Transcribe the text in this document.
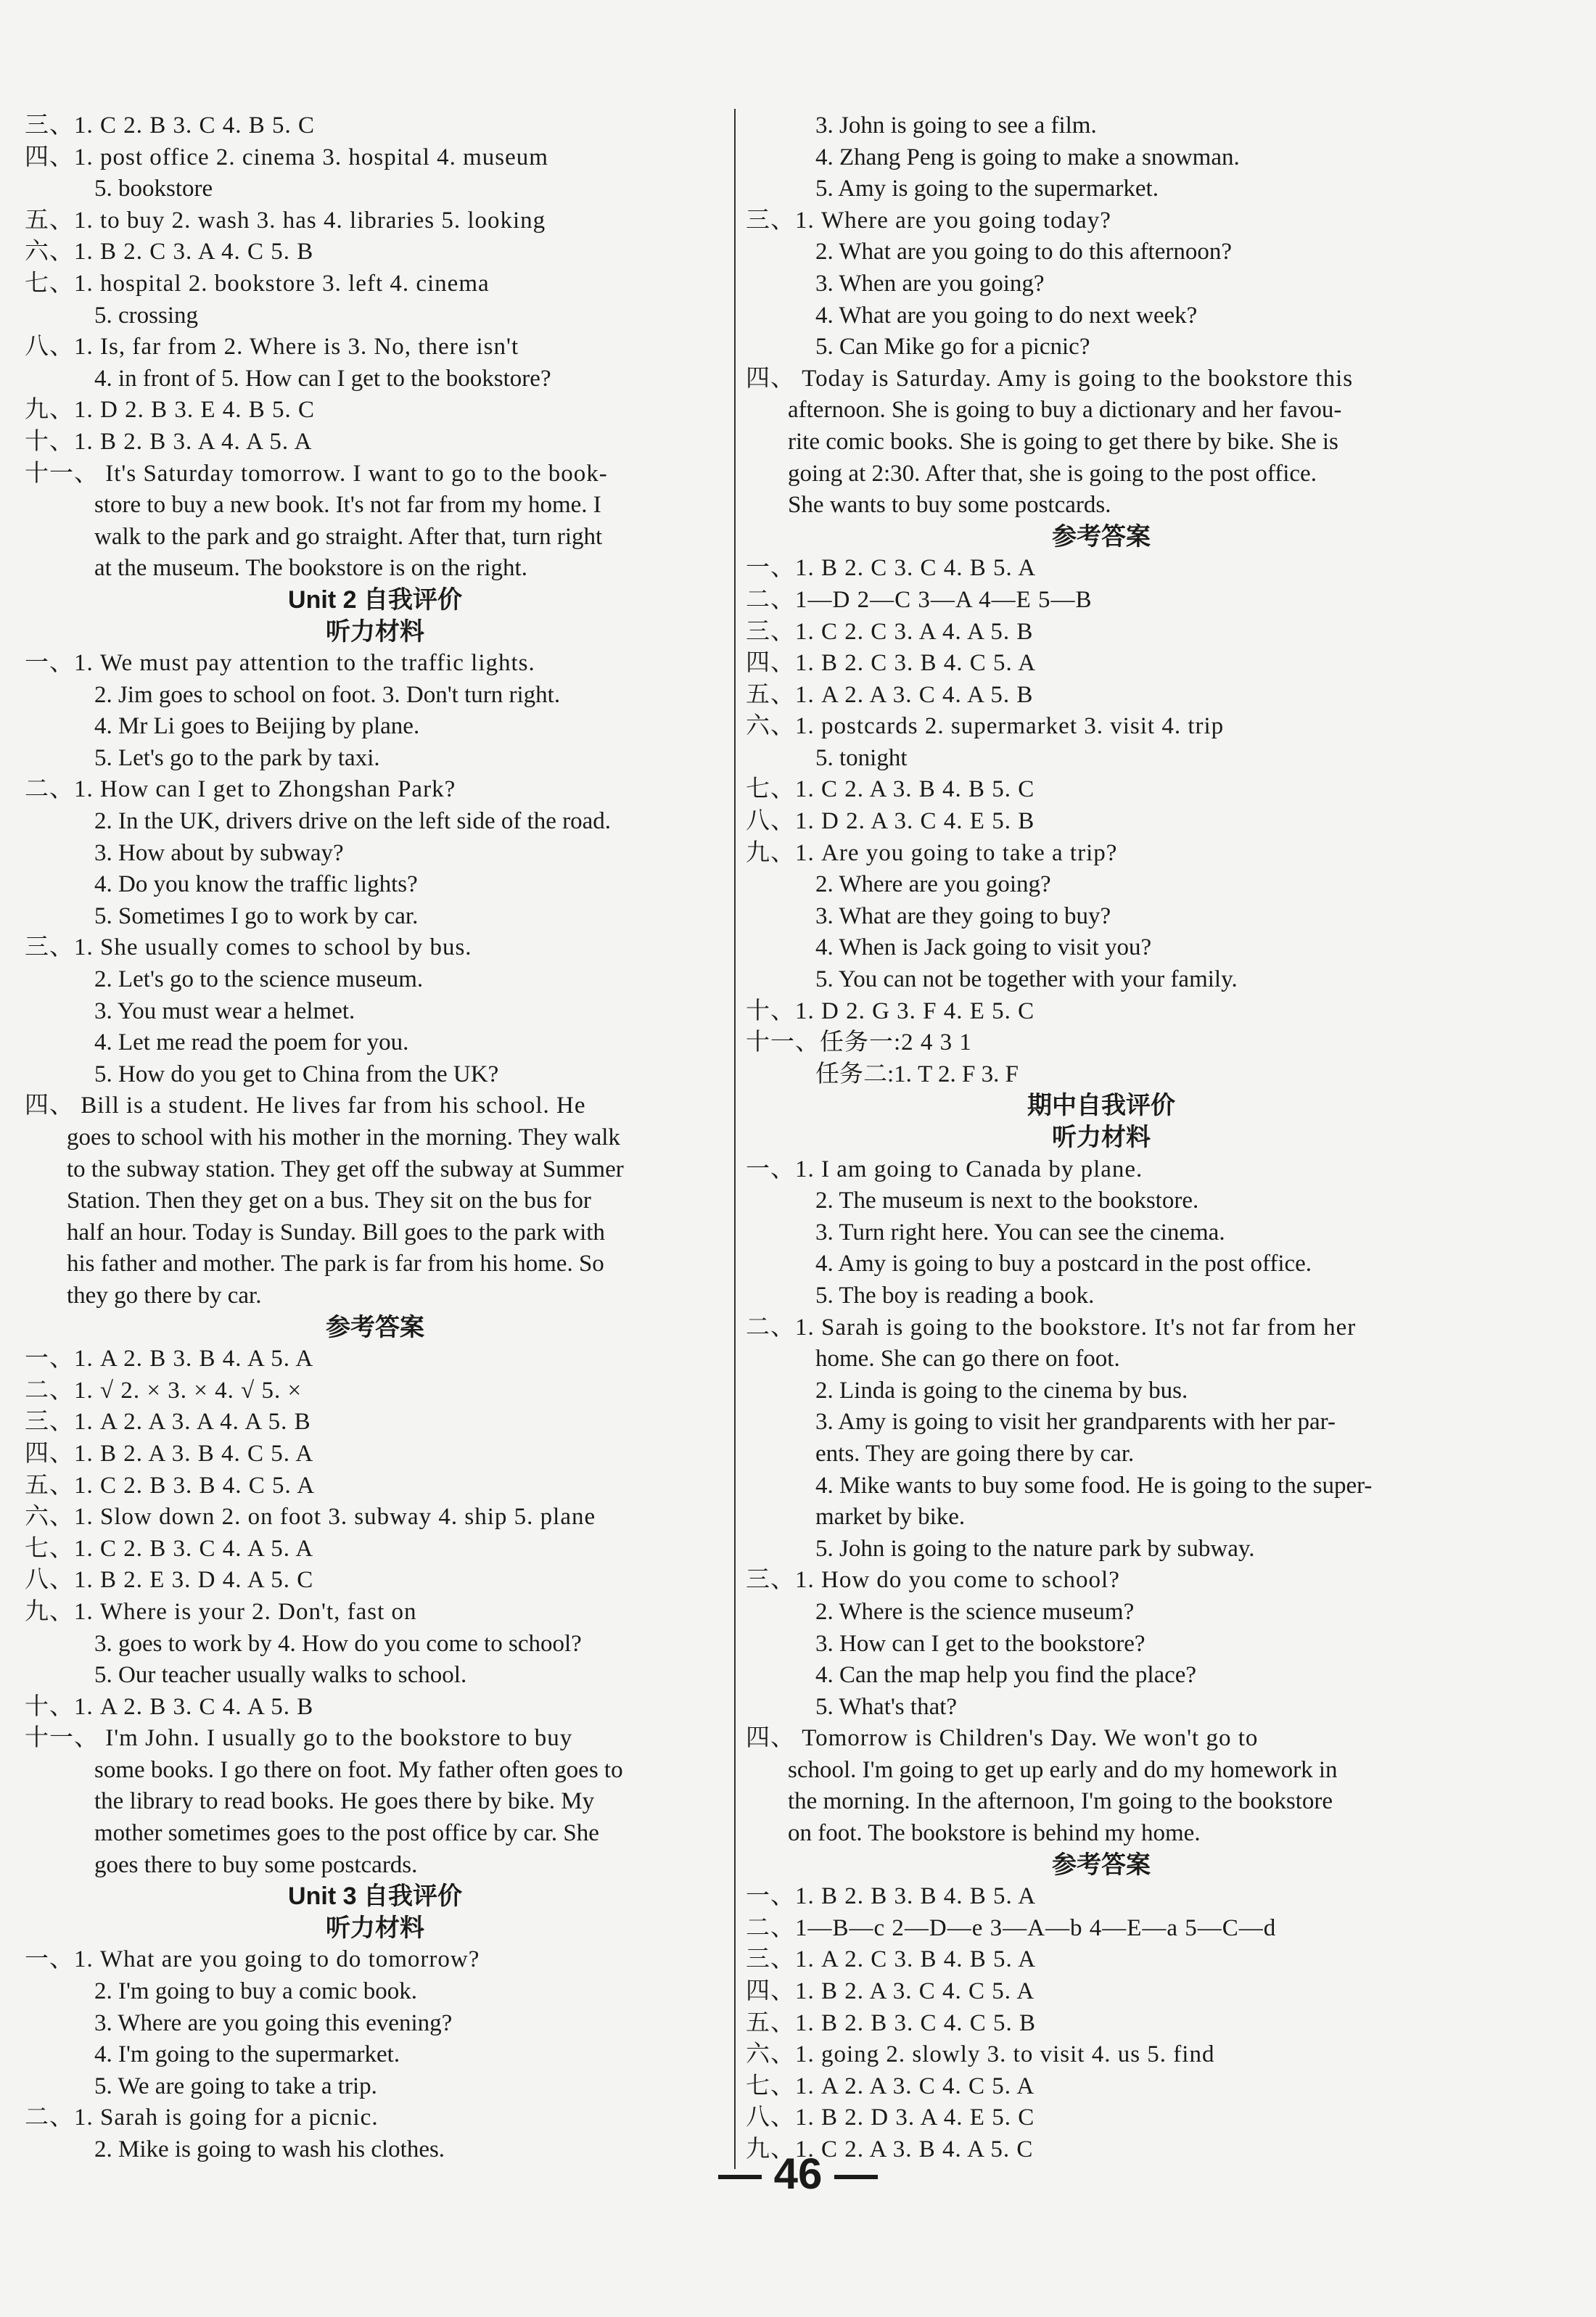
三、1. C 2. B 3. C 4. B 5. C
四、1. post office 2. cinema 3. hospital 4. museum
5. bookstore
五、1. to buy 2. wash 3. has 4. libraries 5. looking
六、1. B 2. C 3. A 4. C 5. B
七、1. hospital 2. bookstore 3. left 4. cinema
5. crossing
八、1. Is, far from 2. Where is 3. No, there isn't
4. in front of 5. How can I get to the bookstore?
九、1. D 2. B 3. E 4. B 5. C
十、1. B 2. B 3. A 4. A 5. A
十一、 It's Saturday tomorrow. I want to go to the book-
store to buy a new book. It's not far from my home. I
walk to the park and go straight. After that, turn right
at the museum. The bookstore is on the right.
Unit 2 自我评价
听力材料
一、1. We must pay attention to the traffic lights.
2. Jim goes to school on foot. 3. Don't turn right.
4. Mr Li goes to Beijing by plane.
5. Let's go to the park by taxi.
二、1. How can I get to Zhongshan Park?
2. In the UK, drivers drive on the left side of the road.
3. How about by subway?
4. Do you know the traffic lights?
5. Sometimes I go to work by car.
三、1. She usually comes to school by bus.
2. Let's go to the science museum.
3. You must wear a helmet.
4. Let me read the poem for you.
5. How do you get to China from the UK?
四、 Bill is a student. He lives far from his school. He
goes to school with his mother in the morning. They walk
to the subway station. They get off the subway at Summer
Station. Then they get on a bus. They sit on the bus for
half an hour. Today is Sunday. Bill goes to the park with
his father and mother. The park is far from his home. So
they go there by car.
参考答案
一、1. A 2. B 3. B 4. A 5. A
二、1. √ 2. × 3. × 4. √ 5. ×
三、1. A 2. A 3. A 4. A 5. B
四、1. B 2. A 3. B 4. C 5. A
五、1. C 2. B 3. B 4. C 5. A
六、1. Slow down 2. on foot 3. subway 4. ship 5. plane
七、1. C 2. B 3. C 4. A 5. A
八、1. B 2. E 3. D 4. A 5. C
九、1. Where is your 2. Don't, fast on
3. goes to work by 4. How do you come to school?
5. Our teacher usually walks to school.
十、1. A 2. B 3. C 4. A 5. B
十一、 I'm John. I usually go to the bookstore to buy
some books. I go there on foot. My father often goes to
the library to read books. He goes there by bike. My
mother sometimes goes to the post office by car. She
goes there to buy some postcards.
Unit 3 自我评价
听力材料
一、1. What are you going to do tomorrow?
2. I'm going to buy a comic book.
3. Where are you going this evening?
4. I'm going to the supermarket.
5. We are going to take a trip.
二、1. Sarah is going for a picnic.
2. Mike is going to wash his clothes.
3. John is going to see a film.
4. Zhang Peng is going to make a snowman.
5. Amy is going to the supermarket.
三、1. Where are you going today?
2. What are you going to do this afternoon?
3. When are you going?
4. What are you going to do next week?
5. Can Mike go for a picnic?
四、 Today is Saturday. Amy is going to the bookstore this
afternoon. She is going to buy a dictionary and her favou-
rite comic books. She is going to get there by bike. She is
going at 2:30. After that, she is going to the post office.
She wants to buy some postcards.
参考答案
一、1. B 2. C 3. C 4. B 5. A
二、1—D 2—C 3—A 4—E 5—B
三、1. C 2. C 3. A 4. A 5. B
四、1. B 2. C 3. B 4. C 5. A
五、1. A 2. A 3. C 4. A 5. B
六、1. postcards 2. supermarket 3. visit 4. trip
5. tonight
七、1. C 2. A 3. B 4. B 5. C
八、1. D 2. A 3. C 4. E 5. B
九、1. Are you going to take a trip?
2. Where are you going?
3. What are they going to buy?
4. When is Jack going to visit you?
5. You can not be together with your family.
十、1. D 2. G 3. F 4. E 5. C
十一、任务一:2 4 3 1
任务二:1. T 2. F 3. F
期中自我评价
听力材料
一、1. I am going to Canada by plane.
2. The museum is next to the bookstore.
3. Turn right here. You can see the cinema.
4. Amy is going to buy a postcard in the post office.
5. The boy is reading a book.
二、1. Sarah is going to the bookstore. It's not far from her
home. She can go there on foot.
2. Linda is going to the cinema by bus.
3. Amy is going to visit her grandparents with her par-
ents. They are going there by car.
4. Mike wants to buy some food. He is going to the super-
market by bike.
5. John is going to the nature park by subway.
三、1. How do you come to school?
2. Where is the science museum?
3. How can I get to the bookstore?
4. Can the map help you find the place?
5. What's that?
四、 Tomorrow is Children's Day. We won't go to
school. I'm going to get up early and do my homework in
the morning. In the afternoon, I'm going to the bookstore
on foot. The bookstore is behind my home.
参考答案
一、1. B 2. B 3. B 4. B 5. A
二、1—B—c 2—D—e 3—A—b 4—E—a 5—C—d
三、1. A 2. C 3. B 4. B 5. A
四、1. B 2. A 3. C 4. C 5. A
五、1. B 2. B 3. C 4. C 5. B
六、1. going 2. slowly 3. to visit 4. us 5. find
七、1. A 2. A 3. C 4. C 5. A
八、1. B 2. D 3. A 4. E 5. C
九、1. C 2. A 3. B 4. A 5. C
— 46 —
